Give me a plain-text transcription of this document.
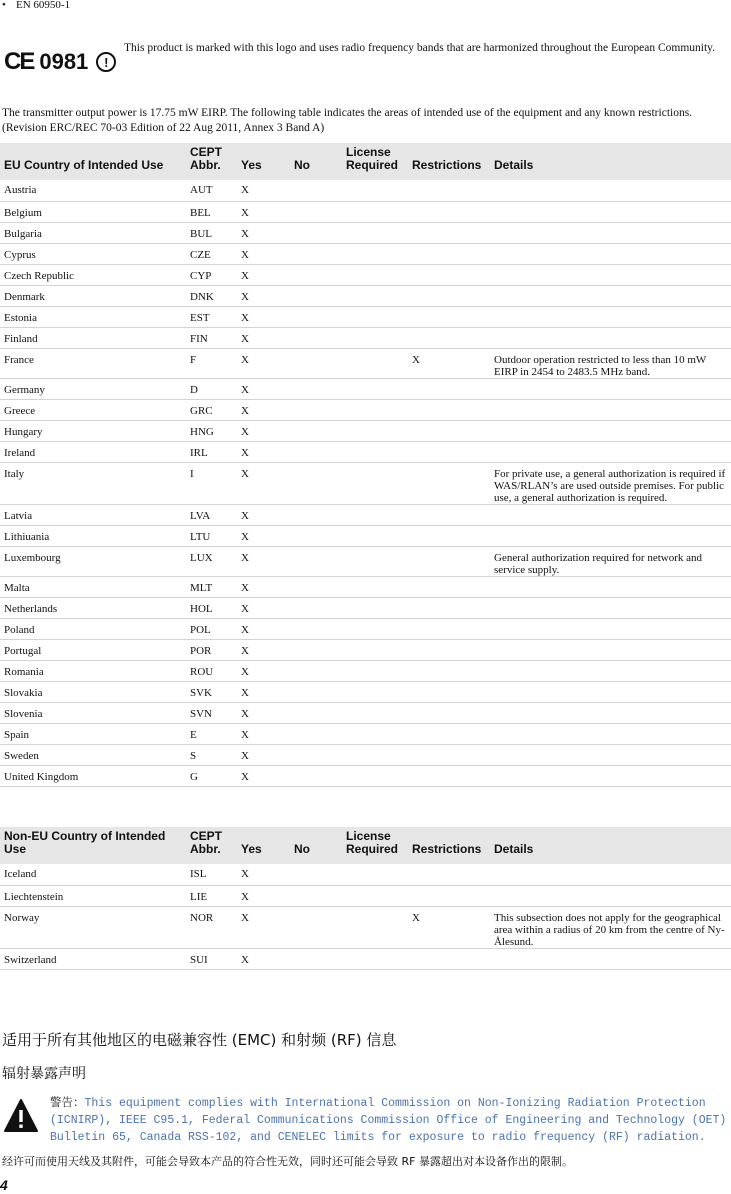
• EN 60950-1
CE 0981	!
This product is marked with this logo and uses radio frequency bands that are harmonized throughout the European Community.
The transmitter output power is 17.75 mW EIRP. The following table indicates the areas of intended use of the equipment and any known restrictions. (Revision ERC/REC 70-03 Edition of 22 Aug 2011, Annex 3 Band A)
EU Country of Intended Use	CEPT Abbr.	Yes	No	License Required	Restrictions	Details
Austria	AUT	X				
Belgium	BEL	X				
Bulgaria	BUL	X				
Cyprus	CZE	X				
Czech Republic	CYP	X				
Denmark	DNK	X				
Estonia	EST	X				
Finland	FIN	X				
France	F	X			X	Outdoor operation restricted to less than 10 mW EIRP in 2454 to 2483.5 MHz band.
Germany	D	X				
Greece	GRC	X				
Hungary	HNG	X				
Ireland	IRL	X				
Italy	I	X				For private use, a general authorization is required if WAS/RLAN’s are used outside premises. For public use, a general authorization is required.
Latvia	LVA	X				
Lithiuania	LTU	X				
Luxembourg	LUX	X				General authorization required for network and service supply.
Malta	MLT	X				
Netherlands	HOL	X				
Poland	POL	X				
Portugal	POR	X				
Romania	ROU	X				
Slovakia	SVK	X				
Slovenia	SVN	X				
Spain	E	X				
Sweden	S	X				
United Kingdom	G	X				
Non-EU Country of Intended Use	CEPT Abbr.	Yes	No	License Required	Restrictions	Details
Iceland	ISL	X				
Liechtenstein	LIE	X				
Norway	NOR	X			X	This subsection does not apply for the geographical area within a radius of 20 km from the centre of Ny-Ålesund.
Switzerland	SUI	X				
适用于所有其他地区的电磁兼容性 (EMC) 和射频 (RF) 信息
辐射暴露声明
警告：This equipment complies with International Commission on Non-Ionizing Radiation Protection (ICNIRP), IEEE C95.1, Federal Communications Commission Office of Engineering and Technology (OET) Bulletin 65, Canada RSS-102, and CENELEC limits for exposure to radio frequency (RF) radiation.
经许可而使用天线及其附件，可能会导致本产品的符合性无效，同时还可能会导致 RF 暴露超出对本设备作出的限制。
4
